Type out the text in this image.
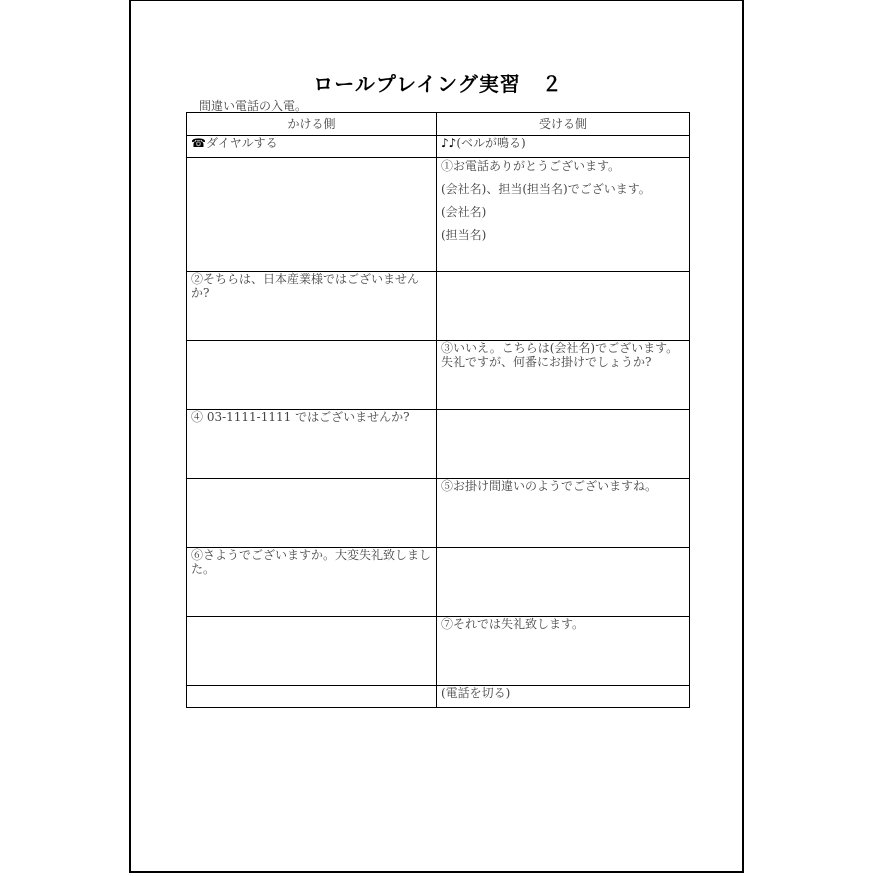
ロールプレイング実習　２
間違い電話の入電。
かける側	受ける側
☎ダイヤルする	♪♪(ベルが鳴る)

	①お電話ありがとうございます。
(会社名)、担当(担当名)でございます。
(会社名)
(担当名)

②そちらは、日本産業様ではございませんか?	
	③いいえ。こちらは(会社名)でございます。失礼ですが、何番にお掛けでしょうか?
④ 03-1111-1111 ではございませんか?	
	⑤お掛け間違いのようでございますね。
⑥さようでございますか。大変失礼致しました。	
	⑦それでは失礼致します。
	(電話を切る)
